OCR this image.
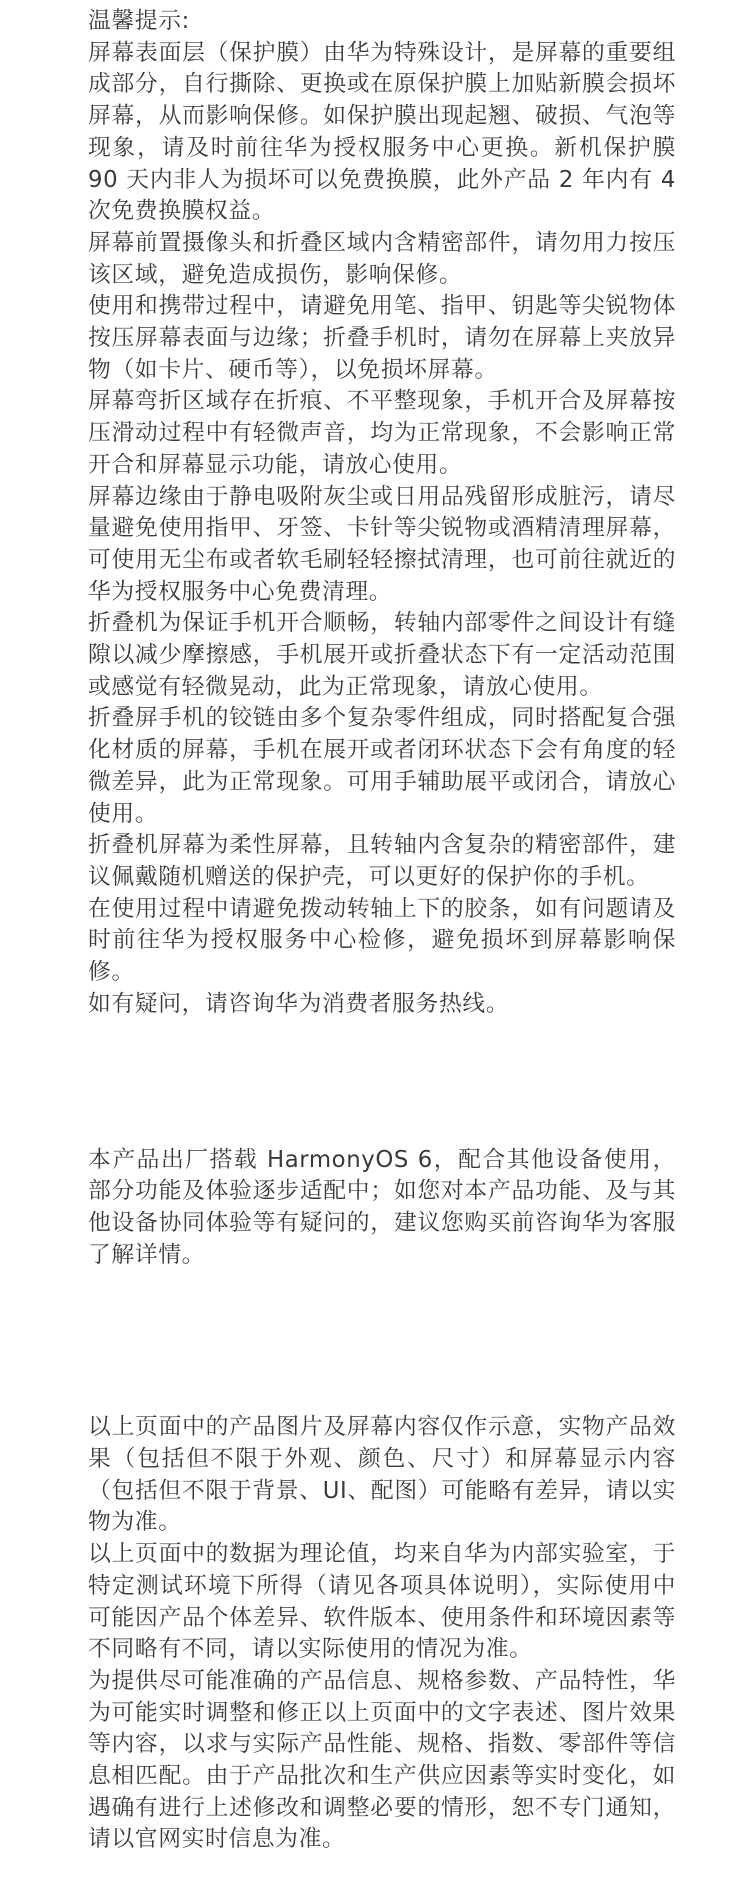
温馨提示:

屏幕表面层（保护膜）由华为特殊设计，是屏幕的重要组成部分，自行撕除、更换或在原保护膜上加贴新膜会损坏屏幕，从而影响保修。如保护膜出现起翘、破损、气泡等现象，请及时前往华为授权服务中心更换。新机保护膜 90 天内非人为损坏可以免费换膜，此外产品 2 年内有 4 次免费换膜权益。

屏幕前置摄像头和折叠区域内含精密部件，请勿用力按压该区域，避免造成损伤，影响保修。

使用和携带过程中，请避免用笔、指甲、钥匙等尖锐物体按压屏幕表面与边缘；折叠手机时，请勿在屏幕上夹放异物（如卡片、硬币等），以免损坏屏幕。

屏幕弯折区域存在折痕、不平整现象，手机开合及屏幕按压滑动过程中有轻微声音，均为正常现象，不会影响正常开合和屏幕显示功能，请放心使用。

屏幕边缘由于静电吸附灰尘或日用品残留形成脏污，请尽量避免使用指甲、牙签、卡针等尖锐物或酒精清理屏幕，可使用无尘布或者软毛刷轻轻擦拭清理，也可前往就近的华为授权服务中心免费清理。

折叠机为保证手机开合顺畅，转轴内部零件之间设计有缝隙以减少摩擦感，手机展开或折叠状态下有一定活动范围或感觉有轻微晃动，此为正常现象，请放心使用。

折叠屏手机的铰链由多个复杂零件组成，同时搭配复合强化材质的屏幕，手机在展开或者闭环状态下会有角度的轻微差异，此为正常现象。可用手辅助展平或闭合，请放心使用。

折叠机屏幕为柔性屏幕，且转轴内含复杂的精密部件，建议佩戴随机赠送的保护壳，可以更好的保护你的手机。

在使用过程中请避免拨动转轴上下的胶条，如有问题请及时前往华为授权服务中心检修，避免损坏到屏幕影响保修。

如有疑问，请咨询华为消费者服务热线。

本产品出厂搭载 HarmonyOS 6，配合其他设备使用，部分功能及体验逐步适配中；如您对本产品功能、及与其他设备协同体验等有疑问的，建议您购买前咨询华为客服了解详情。

以上页面中的产品图片及屏幕内容仅作示意，实物产品效果（包括但不限于外观、颜色、尺寸）和屏幕显示内容（包括但不限于背景、UI、配图）可能略有差异，请以实物为准。

以上页面中的数据为理论值，均来自华为内部实验室，于特定测试环境下所得（请见各项具体说明），实际使用中可能因产品个体差异、软件版本、使用条件和环境因素等不同略有不同，请以实际使用的情况为准。

为提供尽可能准确的产品信息、规格参数、产品特性，华为可能实时调整和修正以上页面中的文字表述、图片效果等内容，以求与实际产品性能、规格、指数、零部件等信息相匹配。由于产品批次和生产供应因素等实时变化，如遇确有进行上述修改和调整必要的情形，恕不专门通知，请以官网实时信息为准。
